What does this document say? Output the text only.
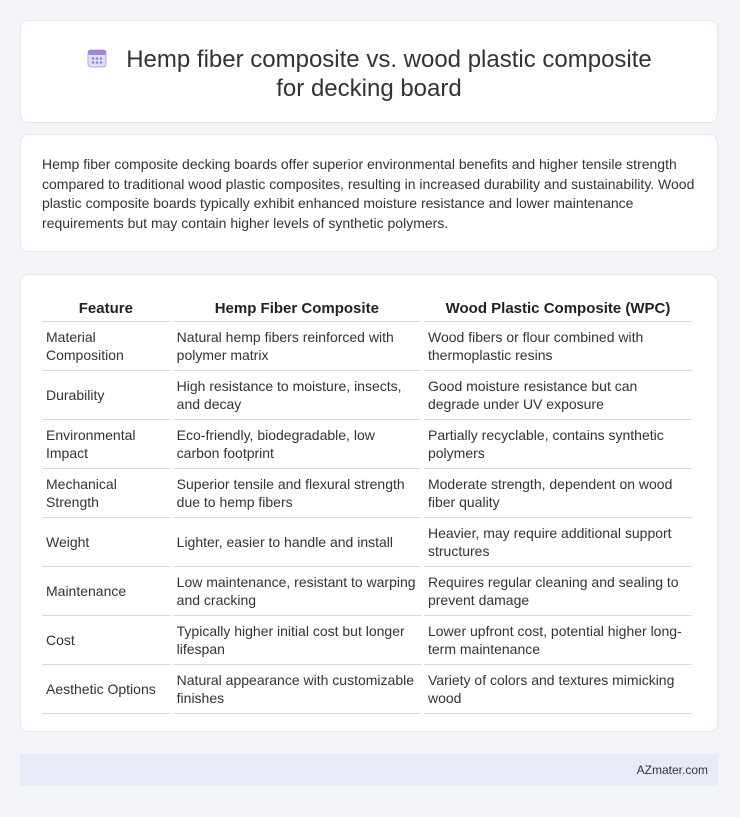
Hemp fiber composite vs. wood plastic composite for decking board

Hemp fiber composite decking boards offer superior environmental benefits and higher tensile strength compared to traditional wood plastic composites, resulting in increased durability and sustainability. Wood plastic composite boards typically exhibit enhanced moisture resistance and lower maintenance requirements but may contain higher levels of synthetic polymers.

Feature	Hemp Fiber Composite	Wood Plastic Composite (WPC)
Material Composition	Natural hemp fibers reinforced with polymer matrix	Wood fibers or flour combined with thermoplastic resins
Durability	High resistance to moisture, insects, and decay	Good moisture resistance but can degrade under UV exposure
Environmental Impact	Eco-friendly, biodegradable, low carbon footprint	Partially recyclable, contains synthetic polymers
Mechanical Strength	Superior tensile and flexural strength due to hemp fibers	Moderate strength, dependent on wood fiber quality
Weight	Lighter, easier to handle and install	Heavier, may require additional support structures
Maintenance	Low maintenance, resistant to warping and cracking	Requires regular cleaning and sealing to prevent damage
Cost	Typically higher initial cost but longer lifespan	Lower upfront cost, potential higher long-term maintenance
Aesthetic Options	Natural appearance with customizable finishes	Variety of colors and textures mimicking wood
AZmater.com
